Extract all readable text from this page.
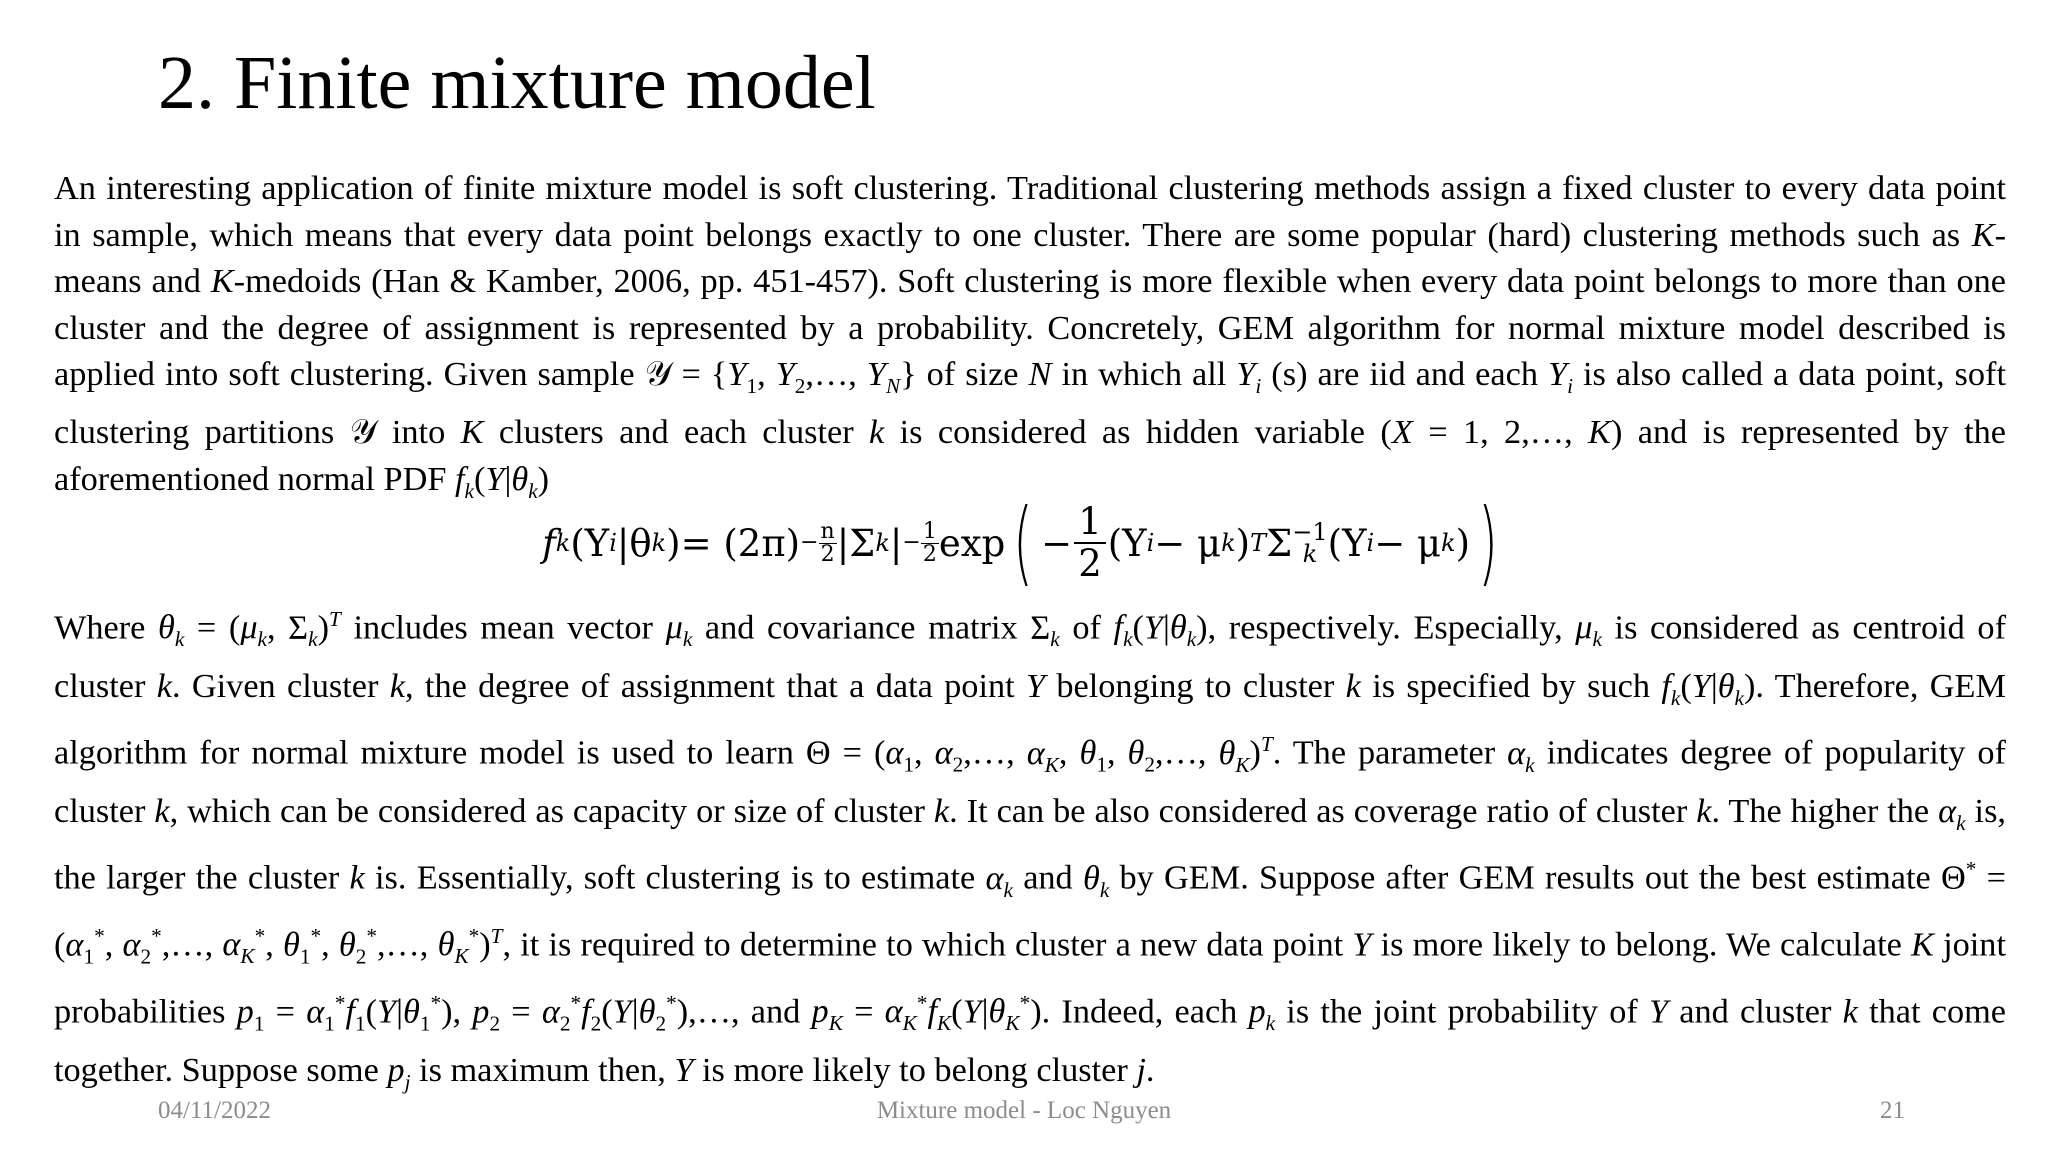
2. Finite mixture model
An interesting application of finite mixture model is soft clustering. Traditional clustering methods assign a fixed cluster to every data point in sample, which means that every data point belongs exactly to one cluster. There are some popular (hard) clustering methods such as K-means and K-medoids (Han & Kamber, 2006, pp. 451-457). Soft clustering is more flexible when every data point belongs to more than one cluster and the degree of assignment is represented by a probability. Concretely, GEM algorithm for normal mixture model described is applied into soft clustering. Given sample 𝒴 = {$Y_1$, $Y_2,\dots$, $Y_N$} of size N in which all $Y_i$ (s) are iid and each $Y_i$ is also called a data point, soft clustering partitions 𝒴 into K clusters and each cluster k is considered as hidden variable (X = 1, 2,…, K) and is represented by the aforementioned normal PDF $f_k(Y|\theta_k)$
f k (Y i |θ k ) = $(2\pi) - \frac{n}{2} |\Sigma$ k | − $\frac{1}{2}$ exp ( − $\frac{1}{2} (Y$ i − μ k ) T Σ −1
k (Y i − μ k ) )
Where $\theta_k = (\mu_k$, $\Sigma_k)^T$ includes mean vector $\mu_k$ and covariance matrix $\Sigma_k$ of $f_k(Y|\theta_k)$, respectively. Especially, $\mu_k$ is considered as centroid of cluster k. Given cluster k, the degree of assignment that a data point Y belonging to cluster k is specified by such $f_k(Y|\theta_k)$. Therefore, GEM algorithm for normal mixture model is used to learn $\Theta = (\alpha_1$, $\alpha_2,\dots$, $\alpha_K$, $\theta_1$, $\theta_2,\dots$, $\theta_K)^T$. The parameter $\alpha_k$ indicates degree of popularity of cluster k, which can be considered as capacity or size of cluster k. It can be also considered as coverage ratio of cluster k. The higher the $\alpha_k$ is, the larger the cluster k is. Essentially, soft clustering is to estimate $\alpha_k$ and $\theta_k$ by GEM. Suppose after GEM results out the best estimate $\Theta^* = (\alpha_1^*$, $\alpha_2^*,\dots$, $\alpha_K^*$, $\theta_1^*$, $\theta_2^*,\dots$, $\theta_K^*)^T$, it is required to determine to which cluster a new data point Y is more likely to belong. We calculate K joint probabilities $p_1 = \alpha_1^*f_1(Y|\theta_1^*)$, $p_2$ = $\alpha_2^*f_2(Y|\theta_2^*),\dots$, and $p_K = \alpha_K^*f_K(Y|\theta_K^*)$. Indeed, each $p_k$ is the joint probability of Y and cluster k that come together. Suppose some $p_j$ is maximum then, Y is more likely to belong cluster j.
04/11/2022	Mixture model - Loc Nguyen	21
